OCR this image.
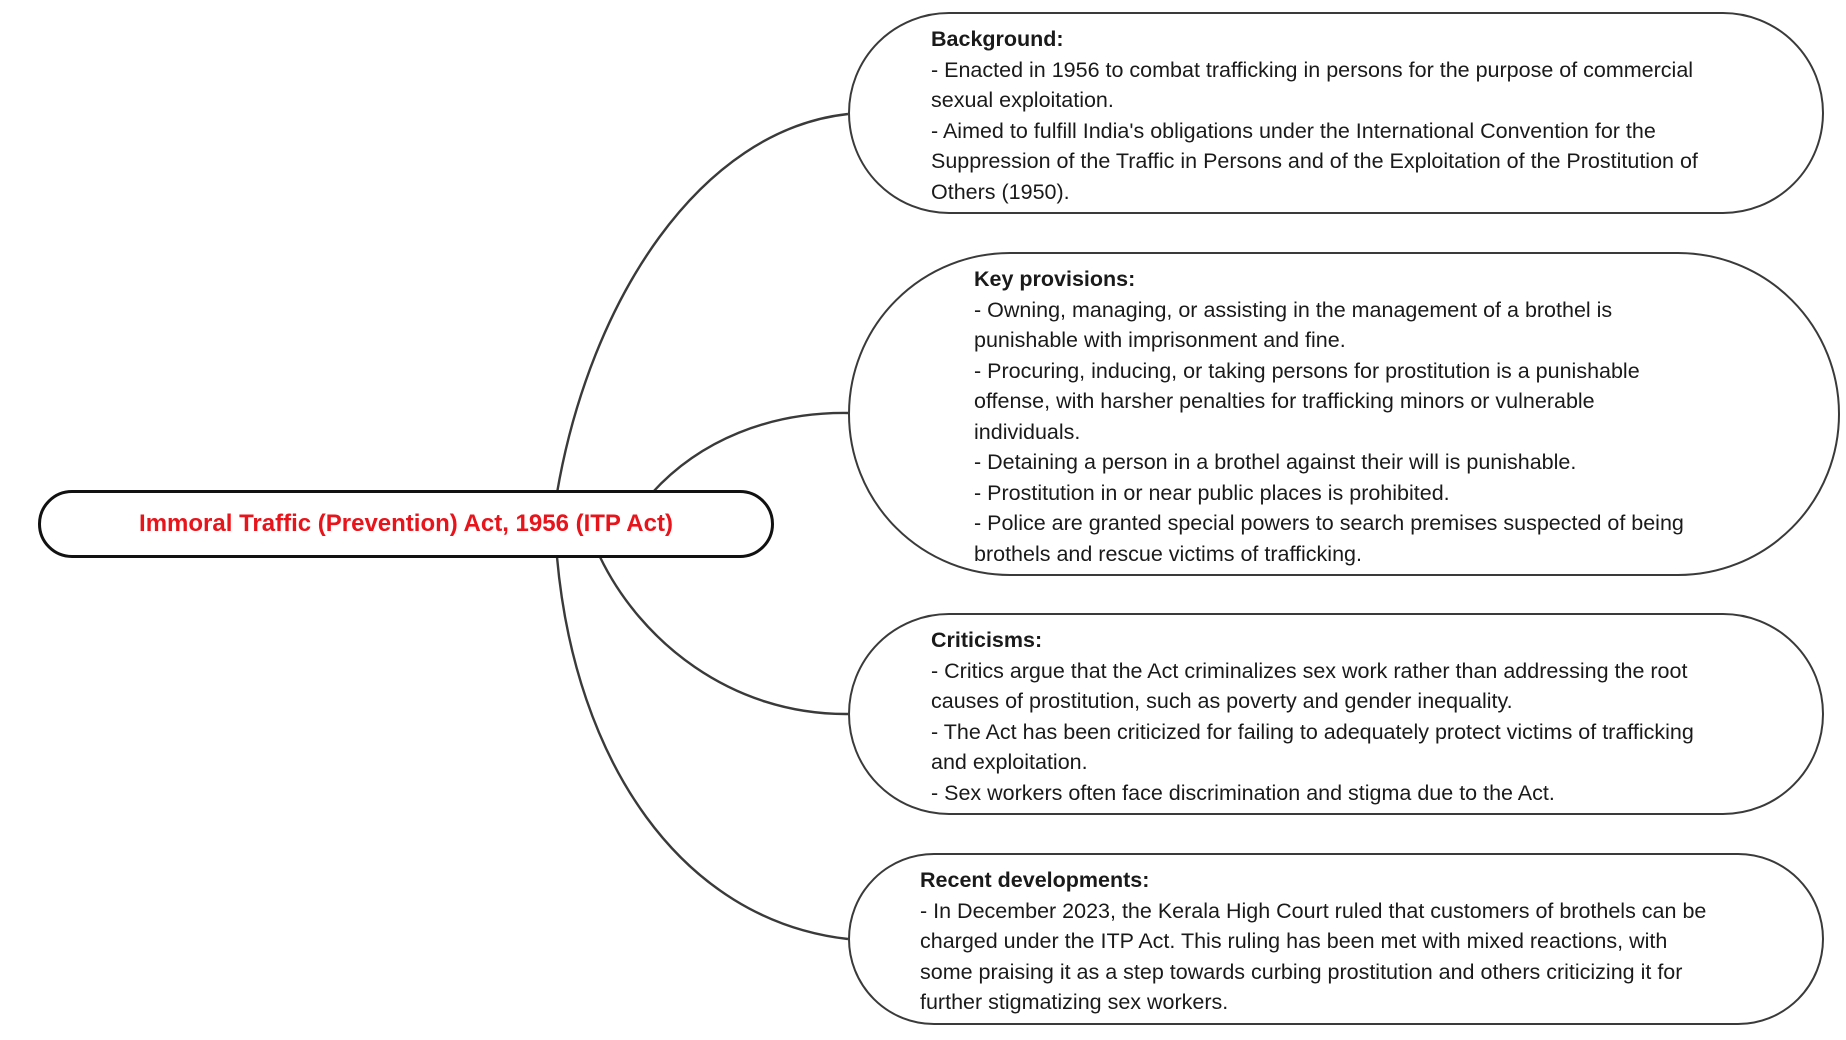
Immoral Traffic (Prevention) Act, 1956 (ITP Act)
Background:
- Enacted in 1956 to combat trafficking in persons for the purpose of commercial
sexual exploitation.
- Aimed to fulfill India's obligations under the International Convention for the
Suppression of the Traffic in Persons and of the Exploitation of the Prostitution of
Others (1950).
Key provisions:
- Owning, managing, or assisting in the management of a brothel is
punishable with imprisonment and fine.
- Procuring, inducing, or taking persons for prostitution is a punishable
offense, with harsher penalties for trafficking minors or vulnerable
individuals.
- Detaining a person in a brothel against their will is punishable.
- Prostitution in or near public places is prohibited.
- Police are granted special powers to search premises suspected of being
brothels and rescue victims of trafficking.
Criticisms:
- Critics argue that the Act criminalizes sex work rather than addressing the root
causes of prostitution, such as poverty and gender inequality.
- The Act has been criticized for failing to adequately protect victims of trafficking
and exploitation.
- Sex workers often face discrimination and stigma due to the Act.
Recent developments:
- In December 2023, the Kerala High Court ruled that customers of brothels can be
charged under the ITP Act. This ruling has been met with mixed reactions, with
some praising it as a step towards curbing prostitution and others criticizing it for
further stigmatizing sex workers.
